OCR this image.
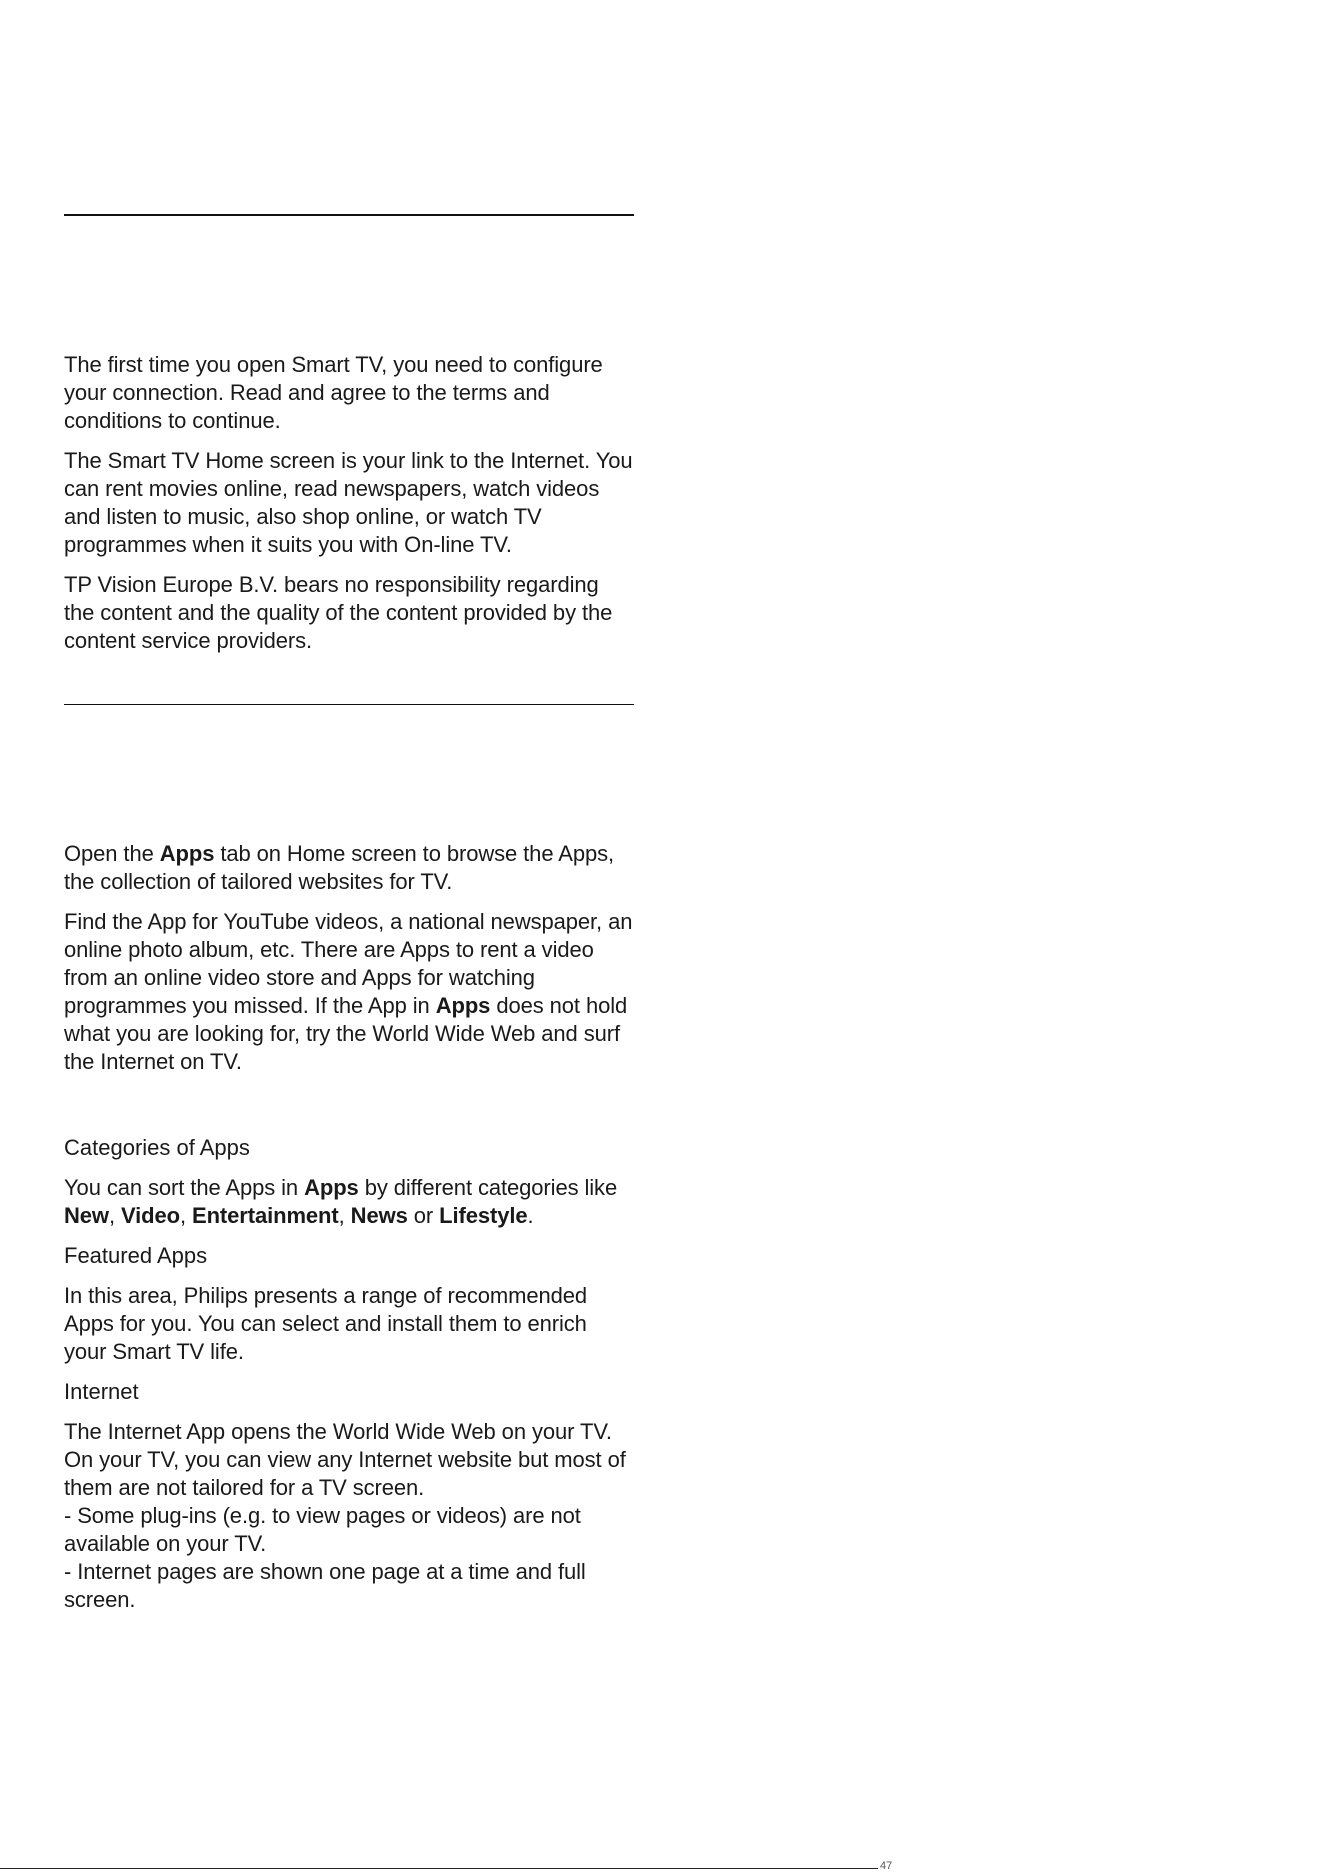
The first time you open Smart TV, you need to configure your connection. Read and agree to the terms and conditions to continue.

The Smart TV Home screen is your link to the Internet. You can rent movies online, read newspapers, watch videos and listen to music, also shop online, or watch TV programmes when it suits you with On-line TV.

TP Vision Europe B.V. bears no responsibility regarding the content and the quality of the content provided by the content service providers.

Open the Apps tab on Home screen to browse the Apps, the collection of tailored websites for TV.

Find the App for YouTube videos, a national newspaper, an online photo album, etc. There are Apps to rent a video from an online video store and Apps for watching programmes you missed. If the App in Apps does not hold what you are looking for, try the World Wide Web and surf the Internet on TV.

Categories of Apps

You can sort the Apps in Apps by different categories like New, Video, Entertainment, News or Lifestyle.

Featured Apps

In this area, Philips presents a range of recommended Apps for you. You can select and install them to enrich your Smart TV life.

Internet

The Internet App opens the World Wide Web on your TV.
On your TV, you can view any Internet website but most of them are not tailored for a TV screen.
- Some plug-ins (e.g. to view pages or videos) are not available on your TV.
- Internet pages are shown one page at a time and full screen.

47
